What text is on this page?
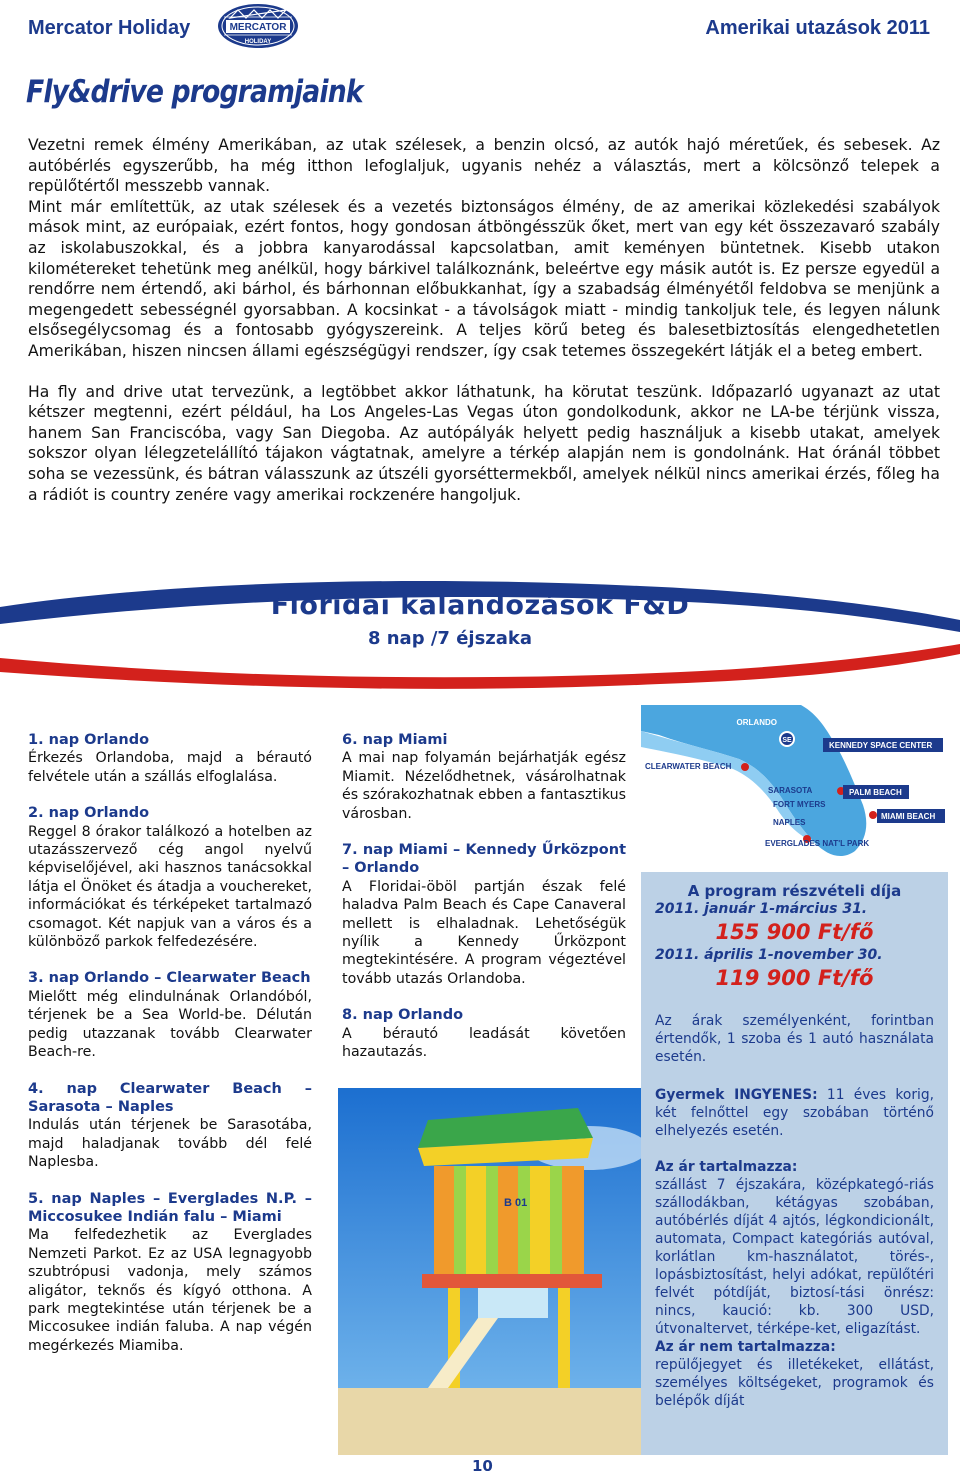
Mercator Holiday	MERCATOR
HOLIDAY
Amerikai utazások 2011
Fly&drive programjaink

Vezetni remek élmény Amerikában, az utak szélesek, a benzin olcsó, az autók hajó méretűek, és sebesek. Az autóbérlés egyszerűbb, ha még itthon lefoglaljuk, ugyanis nehéz a választás, mert a kölcsönző telepek a repülőtértől messzebb vannak.

Mint már említettük, az utak szélesek és a vezetés biztonságos élmény, de az amerikai közlekedési szabályok mások mint, az európaiak, ezért fontos, hogy gondosan átböngésszük őket, mert van egy két összezavaró szabály az iskolabuszokkal, és a jobbra kanyarodással kapcsolatban, amit keményen büntetnek. Kisebb utakon kilométereket tehetünk meg anélkül, hogy bárkivel találkoznánk, beleértve egy másik autót is. Ez persze egyedül a rendőrre nem értendő, aki bárhol, és bárhonnan előbukkanhat, így a szabadság élményétől feldobva se menjünk a megengedett sebességnél gyorsabban. A kocsinkat - a távolságok miatt - mindig tankoljuk tele, és legyen nálunk elsősegélycsomag és a fontosabb gyógyszereink. A teljes körű beteg és balesetbiztosítás elengedhetetlen Amerikában, hiszen nincsen állami egészségügyi rendszer, így csak tetemes összegekért látják el a beteg embert.

Ha fly and drive utat tervezünk, a legtöbbet akkor láthatunk, ha körutat teszünk. Időpazarló ugyanazt az utat kétszer megtenni, ezért például, ha Los Angeles-Las Vegas úton gondolkodunk, akkor ne LA-be térjünk vissza, hanem San Franciscóba, vagy San Diegoba. Az autópályák helyett pedig használjuk a kisebb utakat, amelyek sokszor olyan lélegzetelállító tájakon vágtatnak, amelyre a térkép alapján nem is gondolnánk. Hat óránál többet soha se vezessünk, és bátran válasszunk az útszéli gyorséttermekből, amelyek nélkül nincs amerikai érzés, főleg ha a rádiót is country zenére vagy amerikai rockzenére hangoljuk.

Floridai kalandozások F&D
8 nap /7 éjszaka
1. nap Orlando
Érkezés Orlandoba, majd a bérautó felvétele után a szállás elfoglalása.
2. nap Orlando
Reggel 8 órakor találkozó a hotelben az utazásszervező cég angol nyelvű képviselőjével, aki hasznos tanácsokkal látja el Önöket és átadja a vouchereket, információkat és térképeket tartalmazó csomagot. Két napjuk van a város és a különböző parkok felfedezésére.
3. nap Orlando – Clearwater Beach
Mielőtt még elindulnának Orlandóból, térjenek be a Sea World-be. Délután pedig utazzanak tovább Clearwater Beach-re.
4. nap Clearwater Beach – Sarasota – Naples
Indulás után térjenek be Sarasotába, majd haladjanak tovább dél felé Naplesba.
5. nap Naples – Everglades N.P. – Miccosukee Indián falu – Miami
Ma felfedezhetik az Everglades Nemzeti Parkot. Ez az USA legnagyobb szubtrópusi vadonja, mely számos aligátor, teknős és kígyó otthona. A park megtekintése után térjenek be a Miccosukee indián faluba. A nap végén megérkezés Miamiba.
6. nap Miami
A mai nap folyamán bejárhatják egész Miamit. Nézelődhetnek, vásárolhatnak és szórakozhatnak ebben a fantasztikus városban.
7. nap Miami – Kennedy Űrközpont – Orlando
A Floridai-öböl partján észak felé haladva Palm Beach és Cape Canaveral mellett is elhaladnak. Lehetőségük nyílik a Kennedy Űrközpont megtekintésére. A program végeztével tovább utazás Orlandoba.
8. nap Orlando
A bérautó leadását követően hazautazás.
SE
ORLANDO
KENNEDY SPACE CENTER
CLEARWATER BEACH
SARASOTA
FORT MYERS
NAPLES
PALM BEACH
MIAMI BEACH
EVERGLADES NAT'L PARK
B 01
A program részvételi díja
2011. január 1-március 31.
155 900 Ft/fő
2011. április 1-november 30.
119 900 Ft/fő
Az árak személyenként, forintban értendők, 1 szoba és 1 autó használata esetén.
Gyermek INGYENES: 11 éves korig, két felnőttel egy szobában történő elhelyezés esetén.
Az ár tartalmazza:
szállást 7 éjszakára, középkategó-riás szállodákban, kétágyas szobában, autóbérlés díját 4 ajtós, légkondicionált, automata, Compact kategóriás autóval, korlátlan km-használatot, törés-, lopásbiztosítást, helyi adókat, repülőtéri felvét pótdíját, biztosí-tási önrész: nincs, kaució: kb. 300 USD, útvonaltervet, térképe-ket, eligazítást.
Az ár nem tartalmazza:
repülőjegyet és illetékeket, ellátást, személyes költségeket, programok és belépők díját
10
